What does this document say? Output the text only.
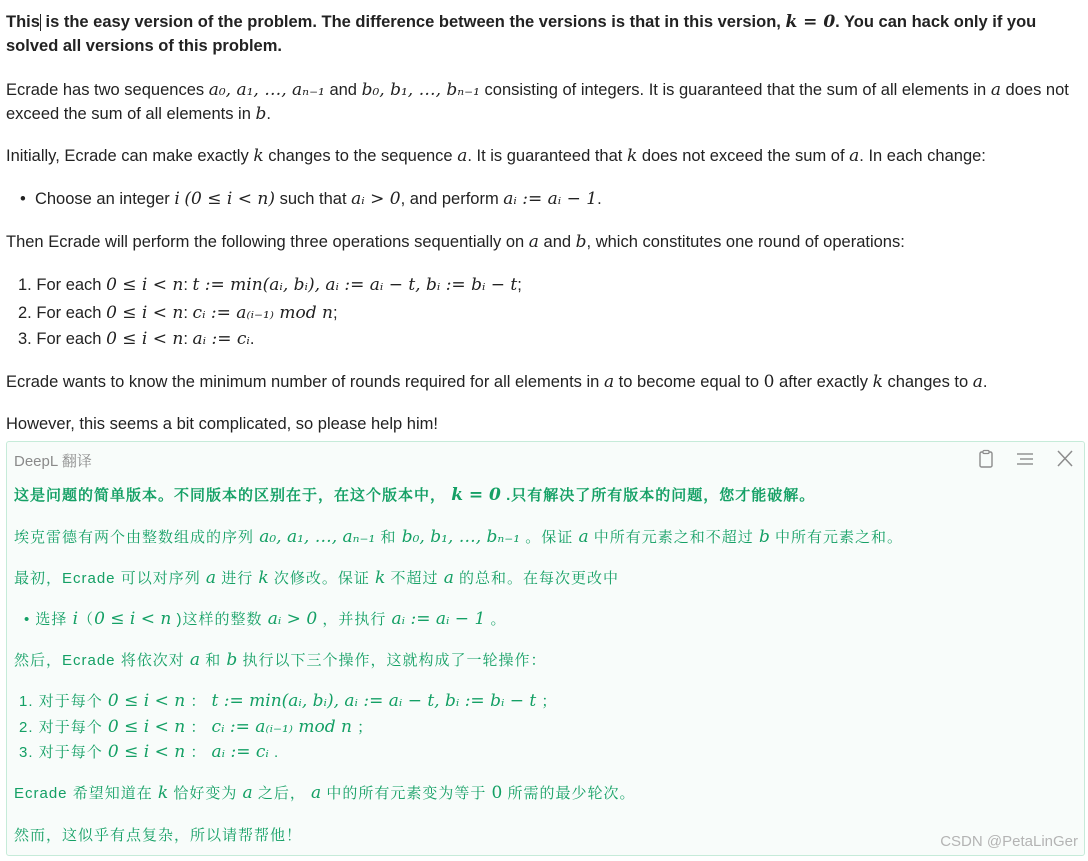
This is the easy version of the problem. The difference between the versions is that in this version, k = 0. You can hack only if you solved all versions of this problem.
Ecrade has two sequences a₀, a₁, …, aₙ₋₁ and b₀, b₁, …, bₙ₋₁ consisting of integers. It is guaranteed that the sum of all elements in a does not exceed the sum of all elements in b.
Initially, Ecrade can make exactly k changes to the sequence a. It is guaranteed that k does not exceed the sum of a. In each change:
•  Choose an integer i (0 ≤ i < n) such that aᵢ > 0, and perform aᵢ := aᵢ − 1.
Then Ecrade will perform the following three operations sequentially on a and b, which constitutes one round of operations:
1. For each 0 ≤ i < n: t := min(aᵢ, bᵢ), aᵢ := aᵢ − t, bᵢ := bᵢ − t;
2. For each 0 ≤ i < n: cᵢ := a₍ᵢ₋₁₎ mod n;
3. For each 0 ≤ i < n: aᵢ := cᵢ.
Ecrade wants to know the minimum number of rounds required for all elements in a to become equal to 0 after exactly k changes to a.
However, this seems a bit complicated, so please help him!
DeepL 翻译
这是问题的简单版本。不同版本的区别在于，在这个版本中， k = 0 .只有解决了所有版本的问题，您才能破解。
埃克雷德有两个由整数组成的序列 a₀, a₁, …, aₙ₋₁ 和 b₀, b₁, …, bₙ₋₁ 。保证 a 中所有元素之和不超过 b 中所有元素之和。
最初，Ecrade 可以对序列 a 进行 k 次修改。保证 k 不超过 a 的总和。在每次更改中
• 选择 i（0 ≤ i < n )这样的整数 aᵢ > 0 ，并执行 aᵢ := aᵢ − 1 。
然后，Ecrade 将依次对 a 和 b 执行以下三个操作，这就构成了一轮操作：
1. 对于每个 0 ≤ i < n ： t := min(aᵢ, bᵢ), aᵢ := aᵢ − t, bᵢ := bᵢ − t ；
2. 对于每个 0 ≤ i < n ： cᵢ := a₍ᵢ₋₁₎ mod n ；
3. 对于每个 0 ≤ i < n ： aᵢ := cᵢ .
Ecrade 希望知道在 k 恰好变为 a 之后， a 中的所有元素变为等于 0 所需的最少轮次。
然而，这似乎有点复杂，所以请帮帮他！	CSDN @PetaLinGer
